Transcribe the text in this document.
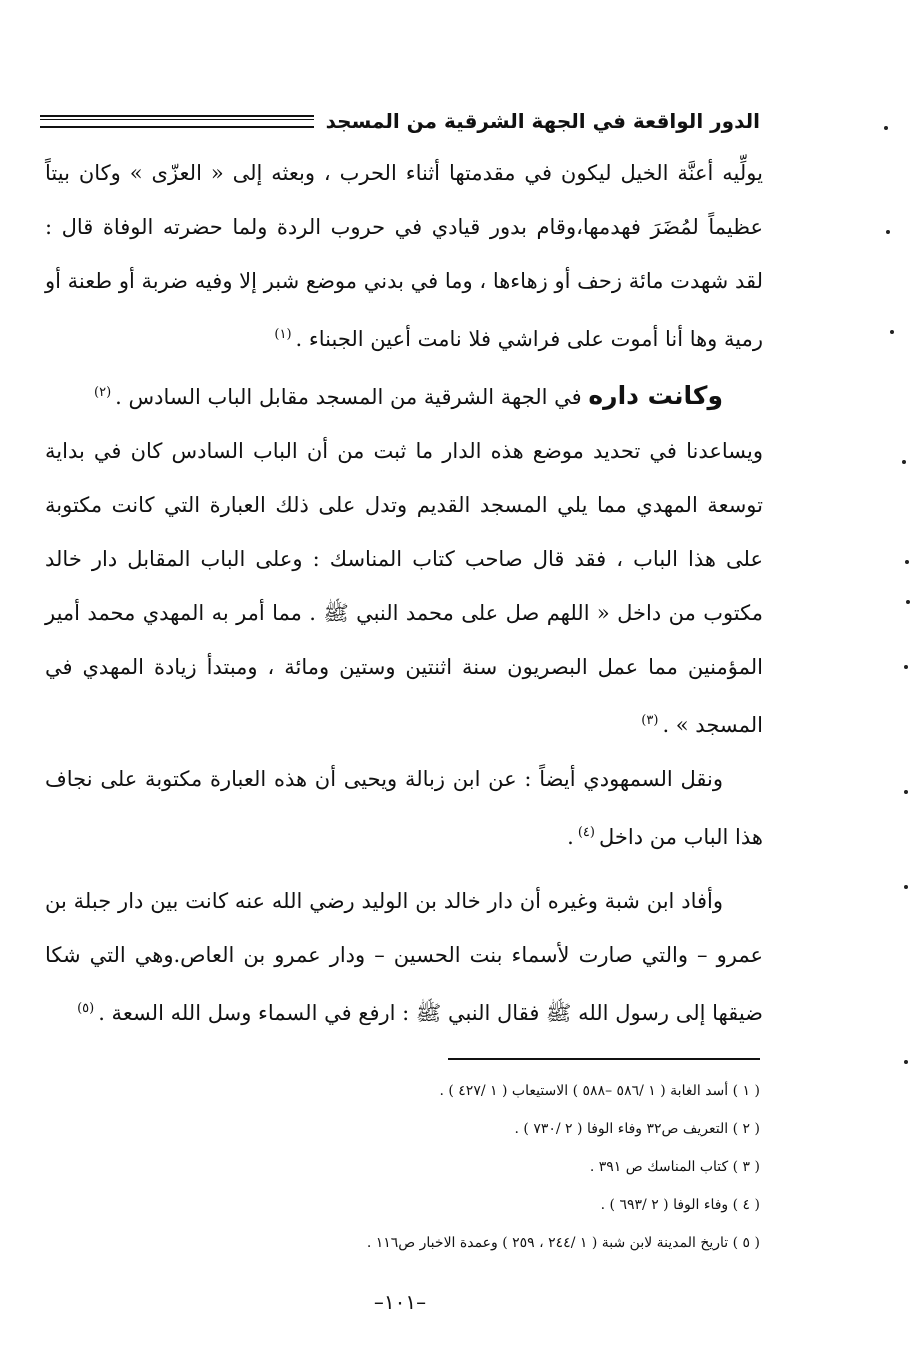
الدور الواقعة في الجهة الشرقية من المسجد

يولِّيه أعنَّة الخيل ليكون في مقدمتها أثناء الحرب ، وبعثه إلى « العزّى » وكان بيتاً عظيماً لمُضَرَ فهدمها،وقام بدور قيادي في حروب الردة ولما حضرته الوفاة قال : لقد شهدت مائة زحف أو زهاءها ، وما في بدني موضع شبر إلا وفيه ضربة أو طعنة أو رمية وها أنا أموت على فراشي فلا نامت أعين الجبناء .$^{(١)}$

وكانت داره في الجهة الشرقية من المسجد مقابل الباب السادس .$^{(٢)}$

ويساعدنا في تحديد موضع هذه الدار ما ثبت من أن الباب السادس كان في بداية توسعة المهدي مما يلي المسجد القديم وتدل على ذلك العبارة التي كانت مكتوبة على هذا الباب ، فقد قال صاحب كتاب المناسك : وعلى الباب المقابل دار خالد مكتوب من داخل « اللهم صل على محمد النبي ﷺ . مما أمر به المهدي محمد أمير المؤمنين مما عمل البصريون سنة اثنتين وستين ومائة ، ومبتدأ زيادة المهدي في المسجد » .$^{(٣)}$

ونقل السمهودي أيضاً : عن ابن زبالة ويحيى أن هذه العبارة مكتوبة على نجاف هذا الباب من داخل$^{(٤)}$.

وأفاد ابن شبة وغيره أن دار خالد بن الوليد رضي الله عنه كانت بين دار جبلة بن عمرو – والتي صارت لأسماء بنت الحسين – ودار عمرو بن العاص.وهي التي شكا ضيقها إلى رسول الله ﷺ فقال النبي ﷺ : ارفع في السماء وسل الله السعة .$^{(٥)}$

( ١ ) أسد الغابة ( ١ /٥٨٦ –٥٨٨ ) الاستيعاب ( ١ /٤٢٧ ) .
( ٢ ) التعريف ص٣٢ وفاء الوفا ( ٢ /٧٣٠ ) .
( ٣ ) كتاب المناسك ص ٣٩١ .
( ٤ ) وفاء الوفا ( ٢ /٦٩٣ ) .
( ٥ ) تاريخ المدينة لابن شبة ( ١ /٢٤٤ ، ٢٥٩ ) وعمدة الاخبار ص١١٦ .
–١٠١–
